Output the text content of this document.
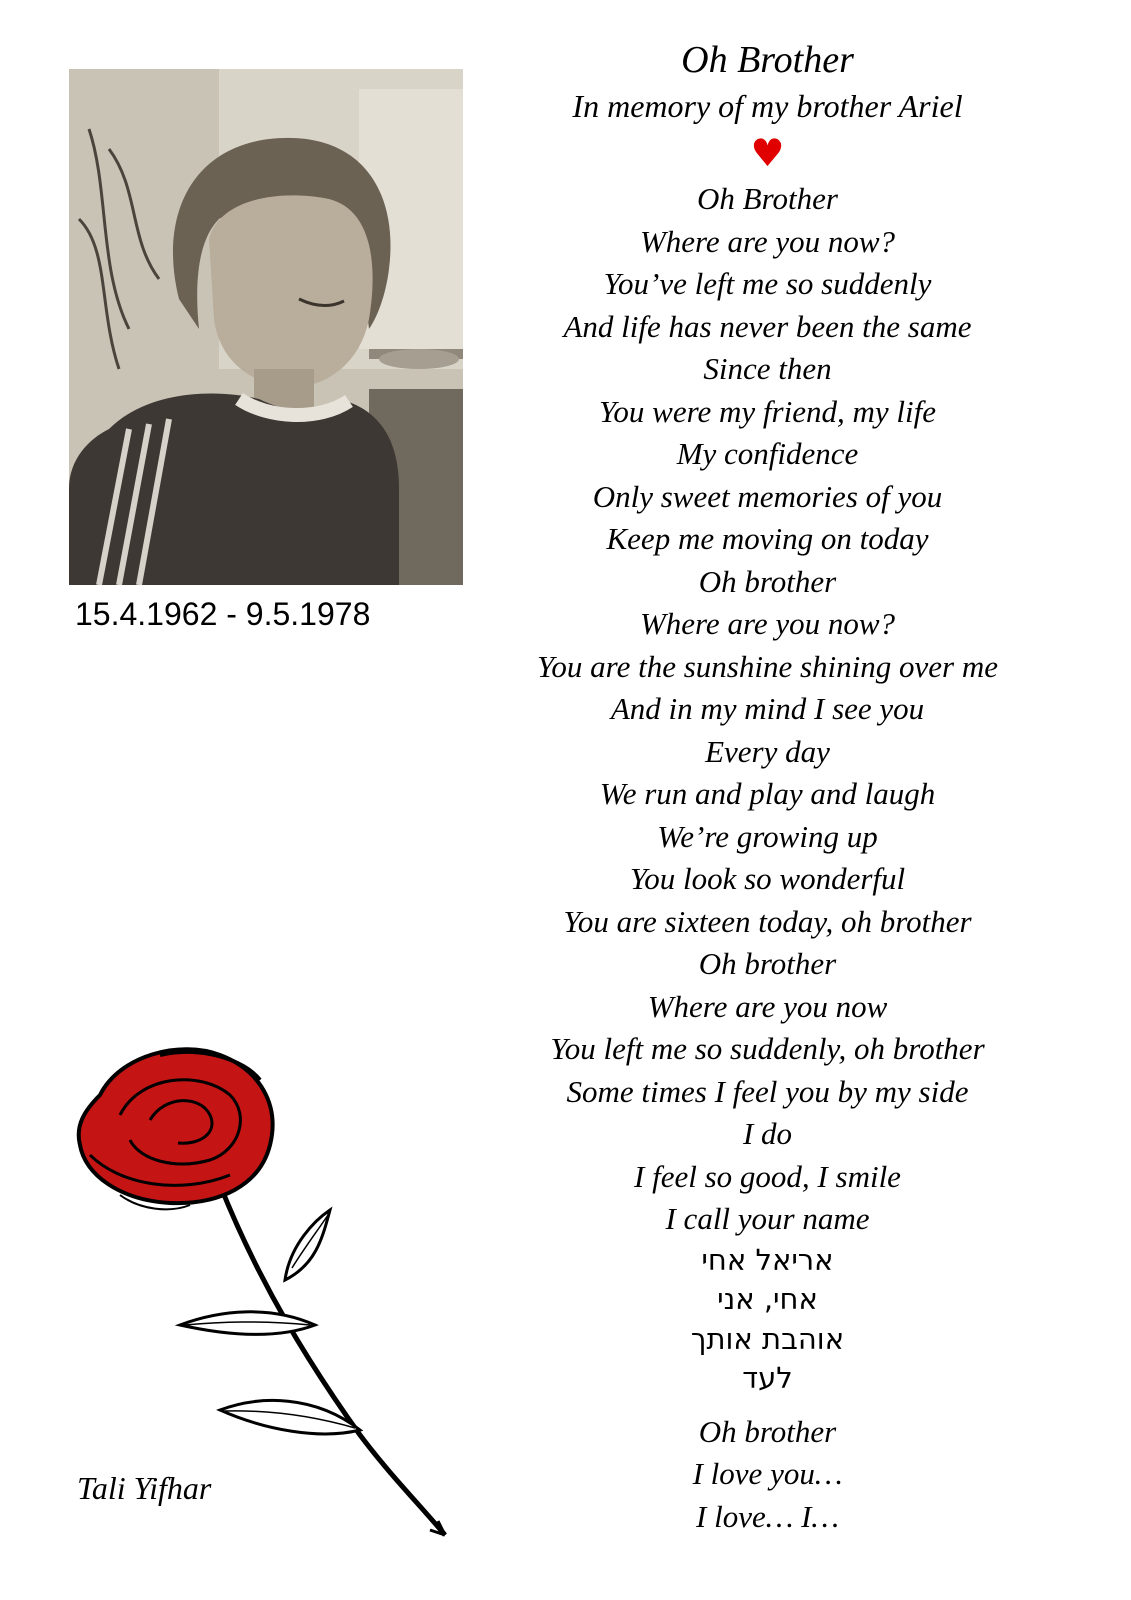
15.4.1962 - 9.5.1978
Oh Brother
In memory of my brother Ariel
♥
Oh Brother
Where are you now?
You’ve left me so suddenly
And life has never been the same
Since then
You were my friend, my life
My confidence
Only sweet memories of you
Keep me moving on today
Oh brother
Where are you now?
You are the sunshine shining over me
And in my mind I see you
Every day
We run and play and laugh
We’re growing up
You look so wonderful
You are sixteen today, oh brother
Oh brother
Where are you now
You left me so suddenly, oh brother
Some times I feel you by my side
I do
I feel so good, I smile
I call your name
אריאל אחי
אחי, אני
אוהבת אותך
לעד
Oh brother
I love you…
I love… I…
Tali Yifhar
